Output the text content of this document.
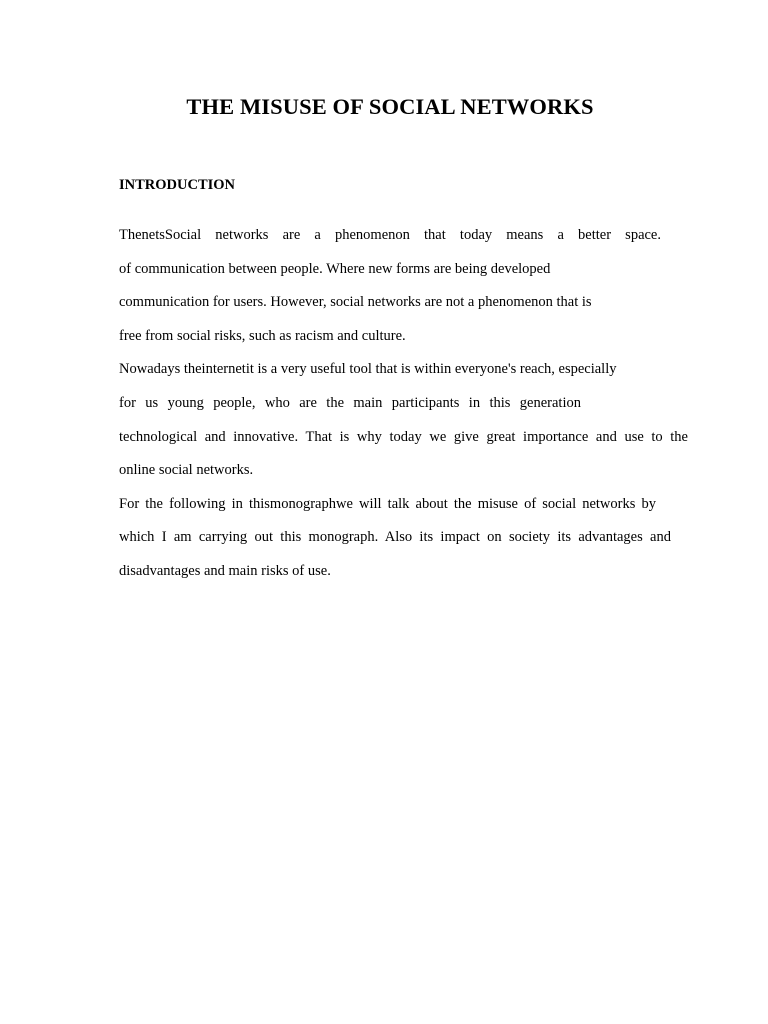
THE MISUSE OF SOCIAL NETWORKS
INTRODUCTION
ThenetsSocial networks are a phenomenon that today means a better space.
of communication between people. Where new forms are being developed
communication for users. However, social networks are not a phenomenon that is
free from social risks, such as racism and culture.
Nowadays theinternetit is a very useful tool that is within everyone's reach, especially
for us young people, who are the main participants in this generation
technological and innovative. That is why today we give great importance and use to the
online social networks.
For the following in thismonographwe will talk about the misuse of social networks by
which I am carrying out this monograph. Also its impact on society its advantages and
disadvantages and main risks of use.
